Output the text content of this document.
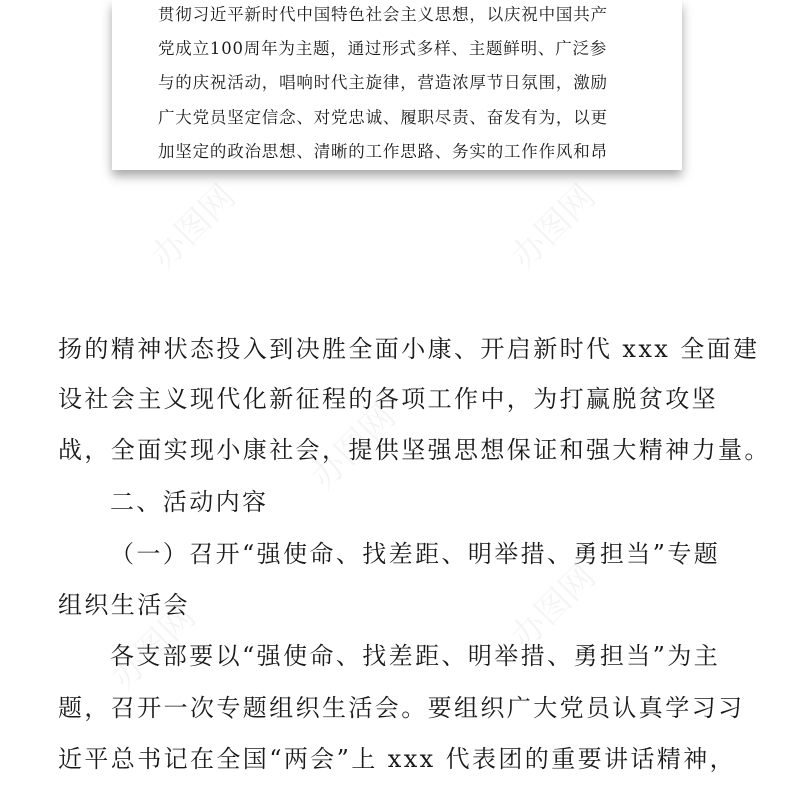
贯彻习近平新时代中国特色社会主义思想，以庆祝中国共产
党成立100周年为主题，通过形式多样、主题鲜明、广泛参
与的庆祝活动，唱响时代主旋律，营造浓厚节日氛围，激励
广大党员坚定信念、对党忠诚、履职尽责、奋发有为，以更
加坚定的政治思想、清晰的工作思路、务实的工作作风和昂
扬的精神状态投入到决胜全面小康、开启新时代 xxx 全面建
设社会主义现代化新征程的各项工作中，为打赢脱贫攻坚
战，全面实现小康社会，提供坚强思想保证和强大精神力量。
二、活动内容
（一）召开“强使命、找差距、明举措、勇担当”专题
组织生活会
各支部要以“强使命、找差距、明举措、勇担当”为主
题，召开一次专题组织生活会。要组织广大党员认真学习习
近平总书记在全国“两会”上 xxx 代表团的重要讲话精神，
